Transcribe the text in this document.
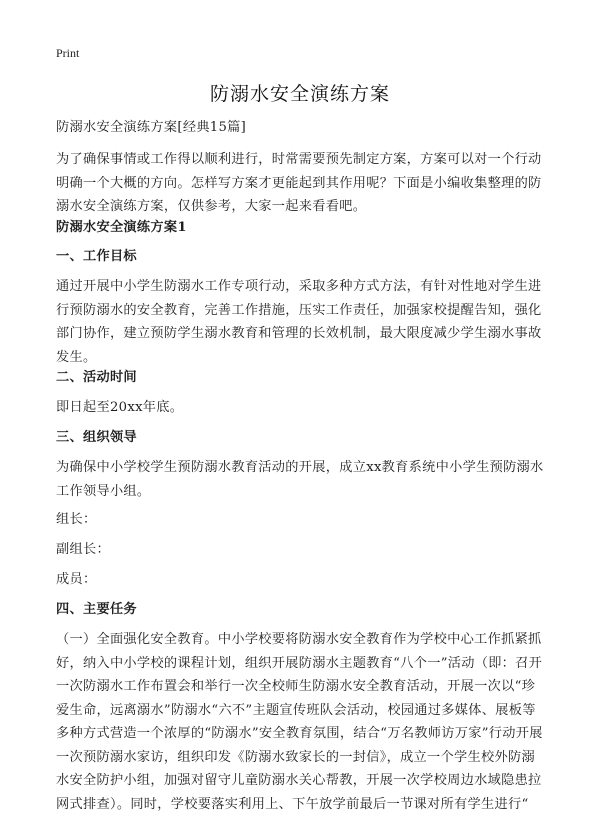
Print
防溺水安全演练方案
防溺水安全演练方案[经典15篇]
为了确保事情或工作得以顺利进行，时常需要预先制定方案，方案可以对一个行动明确一个大概的方向。怎样写方案才更能起到其作用呢？下面是小编收集整理的防溺水安全演练方案，仅供参考，大家一起来看看吧。
防溺水安全演练方案1
一、工作目标
通过开展中小学生防溺水工作专项行动，采取多种方式方法，有针对性地对学生进行预防溺水的安全教育，完善工作措施，压实工作责任，加强家校提醒告知，强化部门协作，建立预防学生溺水教育和管理的长效机制，最大限度减少学生溺水事故发生。
二、活动时间
即日起至20xx年底。
三、组织领导
为确保中小学校学生预防溺水教育活动的开展，成立xx教育系统中小学生预防溺水工作领导小组。
组长：
副组长：
成员：
四、主要任务
（一）全面强化安全教育。中小学校要将防溺水安全教育作为学校中心工作抓紧抓好，纳入中小学校的课程计划，组织开展防溺水主题教育“八个一”活动（即：召开一次防溺水工作布置会和举行一次全校师生防溺水安全教育活动，开展一次以“珍爱生命，远离溺水”防溺水“六不”主题宣传班队会活动，校园通过多媒体、展板等多种方式营造一个浓厚的“防溺水”安全教育氛围，结合“万名教师访万家”行动开展一次预防溺水家访，组织印发《防溺水致家长的一封信》，成立一个学生校外防溺水安全防护小组，加强对留守儿童防溺水关心帮教，开展一次学校周边水域隐患拉网式排查）。同时，学校要落实利用上、下午放学前最后一节课对所有学生进行“
